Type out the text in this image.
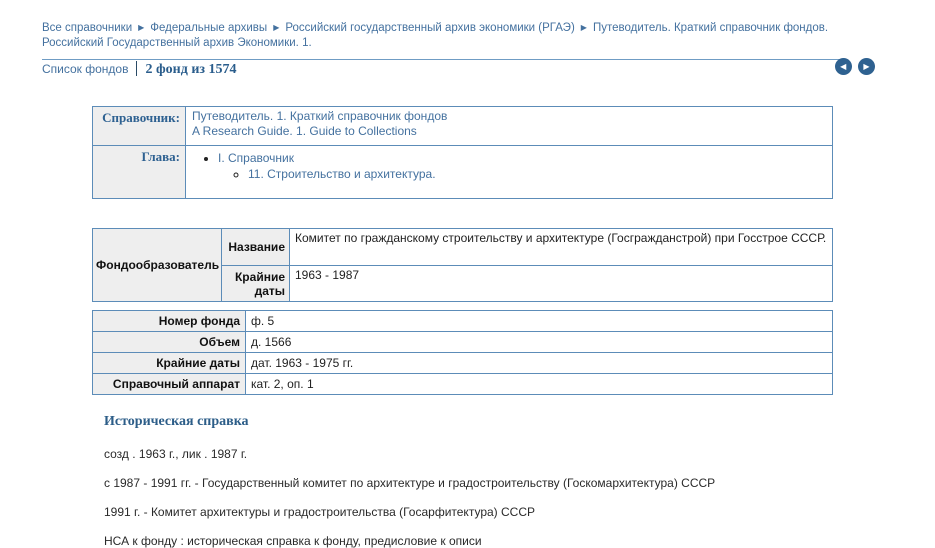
Все справочники ▶ Федеральные архивы ▶ Российский государственный архив экономики (РГАЭ) ▶ Путеводитель. Краткий справочник фондов. Российский Государственный архив Экономики. 1.
Список фондов 2 фонд из 1574	◀ ▶
Справочник:	Путеводитель. 1. Краткий справочник фондов
A Research Guide. 1. Guide to Collections

Глава:	
•I. Справочник
◦ 11. Строительство и архитектура.
Фондообразователь	Название	Комитет по гражданскому строительству и архитектуре (Госгражданстрой) при Госстрое СССР.
	Крайние даты	1963 - 1987
Номер фонда	ф. 5
Объем	д. 1566
Крайние даты	дат. 1963 - 1975 гг.
Справочный аппарат	кат. 2, оп. 1
Историческая справка

созд . 1963 г., лик . 1987 г.

с 1987 - 1991 гг. - Государственный комитет по архитектуре и градостроительству (Госкомархитектура) СССР

1991 г. - Комитет архитектуры и градостроительства (Госарфитектура) СССР

НСА к фонду : историческая справка к фонду, предисловие к описи
